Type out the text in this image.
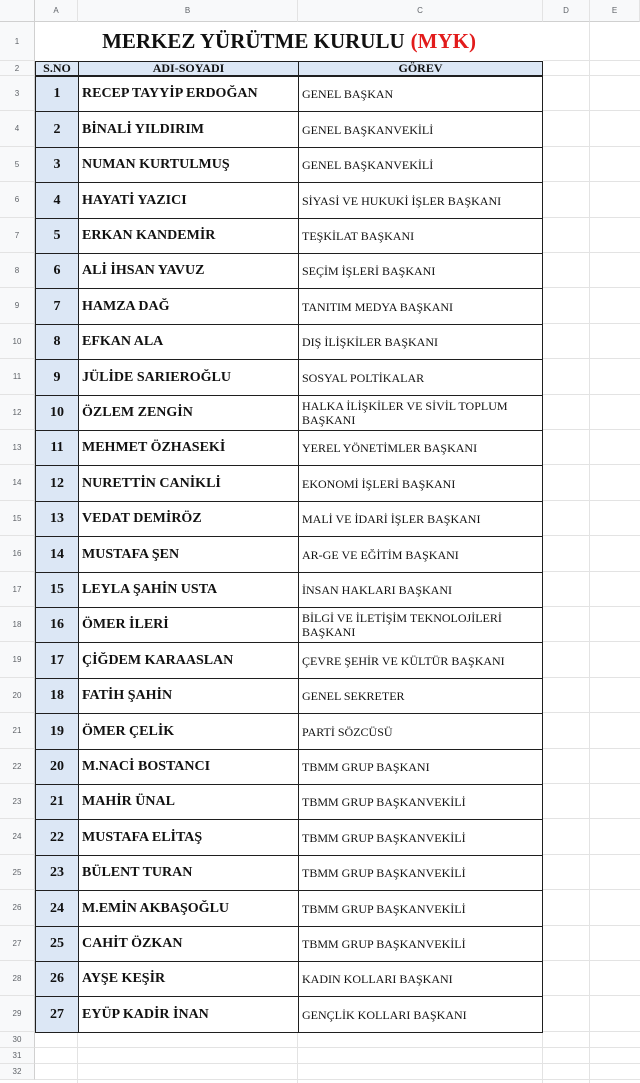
A	B	C	D	E
1
2
3
4
5
6
7
8
9
10
11
12
13
14
15
16
17
18
19
20
21
22
23
24
25
26
27
28
29
30
31
32
MERKEZ YÜRÜTME KURULU (MYK)
S.NO	ADI-SOYADI	GÖREV
1	RECEP TAYYİP ERDOĞAN	GENEL BAŞKAN
2	BİNALİ YILDIRIM	GENEL BAŞKANVEKİLİ
3	NUMAN KURTULMUŞ	GENEL BAŞKANVEKİLİ
4	HAYATİ YAZICI	SİYASİ VE HUKUKİ İŞLER BAŞKANI
5	ERKAN KANDEMİR	TEŞKİLAT BAŞKANI
6	ALİ İHSAN YAVUZ	SEÇİM İŞLERİ BAŞKANI
7	HAMZA DAĞ	TANITIM MEDYA BAŞKANI
8	EFKAN ALA	DIŞ İLİŞKİLER BAŞKANI
9	JÜLİDE SARIEROĞLU	SOSYAL POLTİKALAR
10	ÖZLEM ZENGİN	HALKA İLİŞKİLER VE SİVİL TOPLUM BAŞKANI
11	MEHMET ÖZHASEKİ	YEREL YÖNETİMLER BAŞKANI
12	NURETTİN CANİKLİ	EKONOMİ İŞLERİ BAŞKANI
13	VEDAT DEMİRÖZ	MALİ VE İDARİ İŞLER BAŞKANI
14	MUSTAFA ŞEN	AR-GE VE EĞİTİM BAŞKANI
15	LEYLA ŞAHİN USTA	İNSAN HAKLARI BAŞKANI
16	ÖMER İLERİ	BİLGİ VE İLETİŞİM TEKNOLOJİLERİ BAŞKANI
17	ÇİĞDEM KARAASLAN	ÇEVRE ŞEHİR VE KÜLTÜR BAŞKANI
18	FATİH ŞAHİN	GENEL SEKRETER
19	ÖMER ÇELİK	PARTİ SÖZCÜSÜ
20	M.NACİ BOSTANCI	TBMM GRUP BAŞKANI
21	MAHİR ÜNAL	TBMM GRUP BAŞKANVEKİLİ
22	MUSTAFA ELİTAŞ	TBMM GRUP BAŞKANVEKİLİ
23	BÜLENT TURAN	TBMM GRUP BAŞKANVEKİLİ
24	M.EMİN AKBAŞOĞLU	TBMM GRUP BAŞKANVEKİLİ
25	CAHİT ÖZKAN	TBMM GRUP BAŞKANVEKİLİ
26	AYŞE KEŞİR	KADIN KOLLARI BAŞKANI
27	EYÜP KADİR İNAN	GENÇLİK KOLLARI BAŞKANI
